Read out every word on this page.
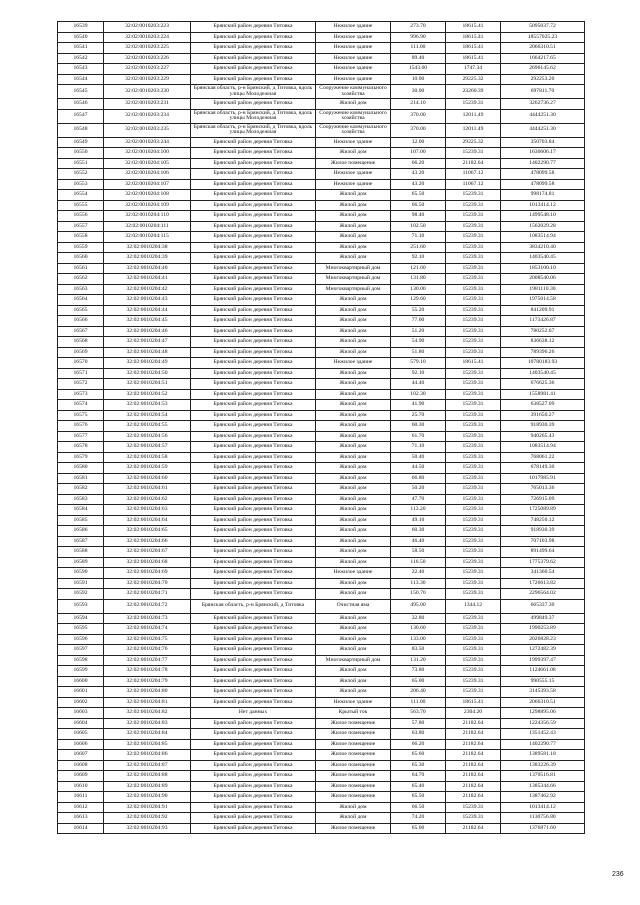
16539	32:02:0010203:223	Брянский район деревня Титовка	Нежилое здание	273.70	18615.41	5095037.72
16540	32:02:0010203:224	Брянский район деревня Титовка	Нежилое здание	996.90	18615.41	18557025.23
16541	32:02:0010203:225	Брянский район деревня Титовка	Нежилое здание	111.00	18615.41	2066310.51
16542	32:02:0010203:226	Брянский район деревня Титовка	Нежилое здание	89.40	18615.41	1664217.65
16543	32:02:0010203:227	Брянский район деревня Титовка	Нежилое здание	1543.60	1747.34	2696145.62
16544	32:02:0010203:229	Брянский район деревня Титовка	Нежилое здание	10.00	29225.32	292253.20
16545	32:02:0010203:230	Брянская область, р-н Брянский, д Титовка, вдоль улицы Молодежная	Сооружение коммунального хозяйства	30.00	23260.39	697811.70
16546	32:02:0010203:231	Брянский район деревня Титовка	Жилой дом	214.10	15239.31	3262736.27
16547	32:02:0010203:234	Брянская область, р-н Брянский, д Титовка, вдоль улицы Молодежная	Сооружение коммунального хозяйства	370.00	12011.49	4444251.30
16548	32:02:0010203:235	Брянская область, р-н Брянский, д Титовка, вдоль улицы Молодежная	Сооружение коммунального хозяйства	370.00	12011.49	4444251.30
16549	32:02:0010203:244	Брянский район деревня Титовка	Нежилое здание	12.00	29225.32	350703.84
16550	32:02:0010204:100	Брянский район деревня Титовка	Жилой дом	107.00	15239.31	1630606.17
16551	32:02:0010204:105	Брянский район деревня Титовка	Жилое помещение	66.20	21182.64	1402290.77
16552	32:02:0010204:106	Брянский район деревня Титовка	Нежилое здание	43.20	11067.12	478099.58
16553	32:02:0010204:107	Брянский район деревня Титовка	Нежилое здание	43.20	11067.12	478099.58
16554	32:02:0010204:108	Брянский район деревня Титовка	Жилой дом	65.50	15239.31	998174.81
16555	32:02:0010204:109	Брянский район деревня Титовка	Жилой дом	66.50	15239.31	1013414.12
16556	32:02:0010204:110	Брянский район деревня Титовка	Жилой дом	98.40	15239.31	1499548.10
16557	32:02:0010204:111	Брянский район деревня Титовка	Жилой дом	102.50	15239.31	1562029.28
16558	32:02:0010204:115	Брянский район деревня Титовка	Жилой дом	71.10	15239.31	1083514.94
16559	32:02:0010204:38	Брянский район деревня Титовка	Жилой дом	251.60	15239.31	3834210.40
16560	32:02:0010204:39	Брянский район деревня Титовка	Жилой дом	92.10	15239.31	1403540.45
16561	32:02:0010204:40	Брянский район деревня Титовка	Многоквартирный дом	121.60	15239.31	1853100.10
16562	32:02:0010204:41	Брянский район деревня Титовка	Многоквартирный дом	131.80	15239.31	2008540.06
16563	32:02:0010204:42	Брянский район деревня Титовка	Многоквартирный дом	130.00	15239.31	1981110.30
16564	32:02:0010204:43	Брянский район деревня Титовка	Жилой дом	129.60	15239.31	1975014.58
16565	32:02:0010204:44	Брянский район деревня Титовка	Жилой дом	55.20	15239.31	841209.91
16566	32:02:0010204:45	Брянский район деревня Титовка	Жилой дом	77.00	15239.31	1173426.87
16567	32:02:0010204:46	Брянский район деревня Титовка	Жилой дом	51.20	15239.31	780252.67
16568	32:02:0010204:47	Брянский район деревня Титовка	Жилой дом	54.90	15239.31	836638.12
16569	32:02:0010204:48	Брянский район деревня Титовка	Жилой дом	51.80	15239.31	789396.26
16570	32:02:0010204:49	Брянский район деревня Титовка	Нежилое здание	579.10	18615.41	10780183.93
16571	32:02:0010204:50	Брянский район деревня Титовка	Жилой дом	92.10	15239.31	1403540.45
16572	32:02:0010204:51	Брянский район деревня Титовка	Жилой дом	44.40	15239.31	676625.36
16573	32:02:0010204:52	Брянский район деревня Титовка	Жилой дом	102.30	15239.31	1558981.41
16574	32:02:0010204:53	Брянский район деревня Титовка	Жилой дом	41.90	15239.31	638527.09
16575	32:02:0010204:54	Брянский район деревня Титовка	Жилой дом	25.70	15239.31	391650.27
16576	32:02:0010204:55	Брянский район деревня Титовка	Жилой дом	60.30	15239.31	918930.39
16577	32:02:0010204:56	Брянский район деревня Титовка	Жилой дом	61.70	15239.31	940265.43
16578	32:02:0010204:57	Брянский район деревня Титовка	Жилой дом	71.10	15239.31	1083514.94
16579	32:02:0010204:58	Брянский район деревня Титовка	Жилой дом	50.40	15239.31	768061.22
16580	32:02:0010204:59	Брянский район деревня Титовка	Жилой дом	44.50	15239.31	678149.30
16581	32:02:0010204:60	Брянский район деревня Титовка	Жилой дом	66.80	15239.31	1017985.91
16582	32:02:0010204:61	Брянский район деревня Титовка	Жилой дом	50.20	15239.31	765013.36
16583	32:02:0010204:62	Брянский район деревня Титовка	Жилой дом	47.70	15239.31	726915.09
16584	32:02:0010204:63	Брянский район деревня Титовка	Жилой дом	113.20	15239.31	1725089.89
16585	32:02:0010204:64	Брянский район деревня Титовка	Жилой дом	49.10	15239.31	748250.12
16586	32:02:0010204:65	Брянский район деревня Титовка	Жилой дом	60.30	15239.31	918930.39
16587	32:02:0010204:66	Брянский район деревня Титовка	Жилой дом	46.40	15239.31	707103.98
16588	32:02:0010204:67	Брянский район деревня Титовка	Жилой дом	58.50	15239.31	891499.64
16589	32:02:0010204:68	Брянский район деревня Титовка	Жилой дом	116.50	15239.31	1775379.62
16590	32:02:0010204:69	Брянский район деревня Титовка	Нежилое здание	22.40	15239.31	341360.54
16591	32:02:0010204:70	Брянский район деревня Титовка	Жилой дом	113.30	15239.31	1726613.82
16592	32:02:0010204:71	Брянский район деревня Титовка	Жилой дом	150.70	15239.31	2296564.02
16593	32:02:0010204:72	Брянская область, р-н Брянский, д Титовка	Очистная яма	495.00	1344.12	665337.30
16594	32:02:0010204:73	Брянский район деревня Титовка	Жилой дом	32.80	15239.31	499849.37
16595	32:02:0010204:74	Брянский район деревня Титовка	Жилой дом	130.60	15239.31	1990253.89
16596	32:02:0010204:75	Брянский район деревня Титовка	Жилой дом	133.00	15239.31	2026828.23
16597	32:02:0010204:76	Брянский район деревня Титовка	Жилой дом	83.50	15239.31	1272482.39
16598	32:02:0010204:77	Брянский район деревня Титовка	Многоквартирный дом	131.20	15239.31	1999397.47
16599	32:02:0010204:78	Брянский район деревня Титовка	Жилой дом	73.80	15239.31	1124661.08
16600	32:02:0010204:79	Брянский район деревня Титовка	Жилой дом	65.00	15239.31	990555.15
16601	32:02:0010204:80	Брянский район деревня Титовка	Жилой дом	206.40	15239.31	3145393.58
16602	32:02:0010204:81	Брянский район деревня Титовка	Нежилое здание	111.00	18615.41	2066310.51
16603	32:02:0010204:82	Нет данных	Крытый ток	563.70	2304.20	1298895.06
16604	32:02:0010204:83	Брянский район деревня Титовка	Жилое помещение	57.80	21182.64	1224356.59
16605	32:02:0010204:84	Брянский район деревня Титовка	Жилое помещение	63.80	21182.64	1351452.43
16606	32:02:0010204:85	Брянский район деревня Титовка	Жилое помещение	66.20	21182.64	1402290.77
16607	32:02:0010204:86	Брянский район деревня Титовка	Жилое помещение	65.60	21182.64	1389581.18
16608	32:02:0010204:87	Брянский район деревня Титовка	Жилое помещение	65.30	21182.64	1383226.39
16609	32:02:0010204:88	Брянский район деревня Титовка	Жилое помещение	64.70	21182.64	1370516.81
16610	32:02:0010204:89	Брянский район деревня Титовка	Жилое помещение	65.40	21182.64	1385344.66
16611	32:02:0010204:90	Брянский район деревня Титовка	Жилое помещение	65.50	21182.64	1387462.92
16612	32:02:0010204:91	Брянский район деревня Титовка	Жилой дом	66.50	15239.31	1013414.12
16613	32:02:0010204:92	Брянский район деревня Титовка	Жилой дом	74.20	15239.31	1130756.80
16614	32:02:0010204:93	Брянский район деревня Титовка	Жилое помещение	65.00	21182.64	1376871.60
236
